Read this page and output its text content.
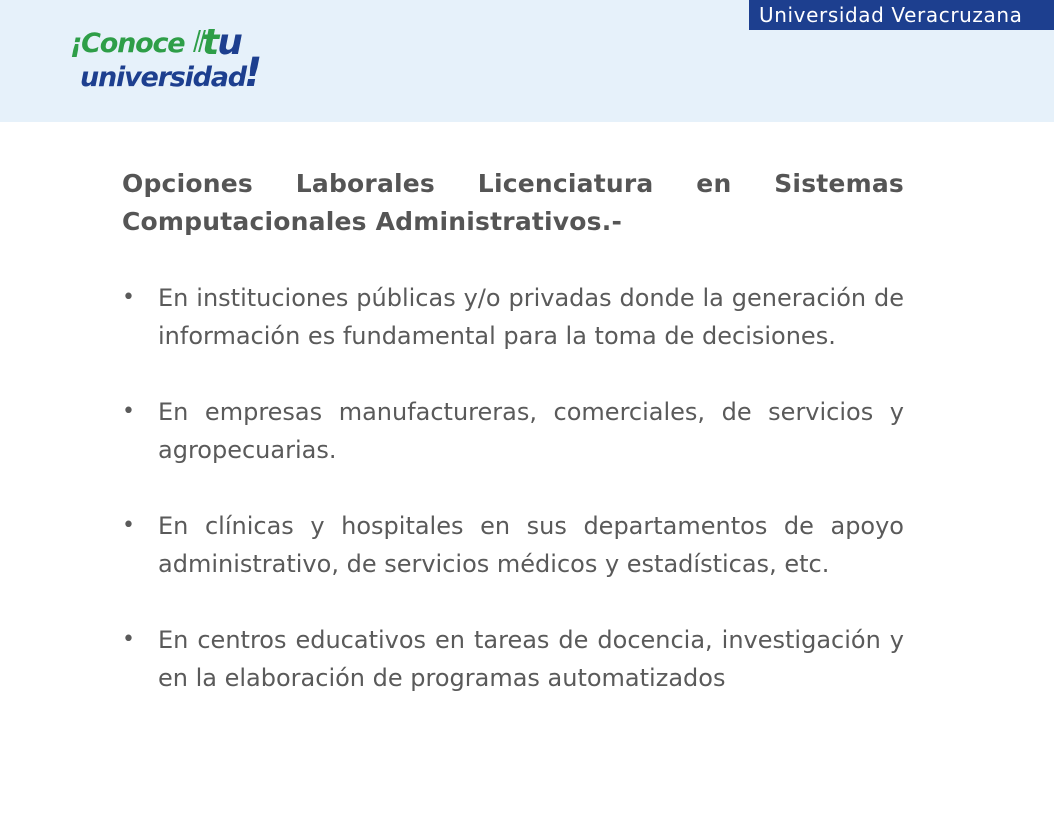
Universidad Veracruzana
¡Conoce tu
universidad
!
Opciones Laborales Licenciatura en Sistemas Computacionales Administrativos.-
• En instituciones públicas y/o privadas donde la generación de información es fundamental para la toma de decisiones.
• En empresas manufactureras, comerciales, de servicios y agropecuarias.
• En clínicas y hospitales en sus departamentos de apoyo administrativo, de servicios médicos y estadísticas, etc.
• En centros educativos en tareas de docencia, investigación y en la elaboración de programas automatizados
